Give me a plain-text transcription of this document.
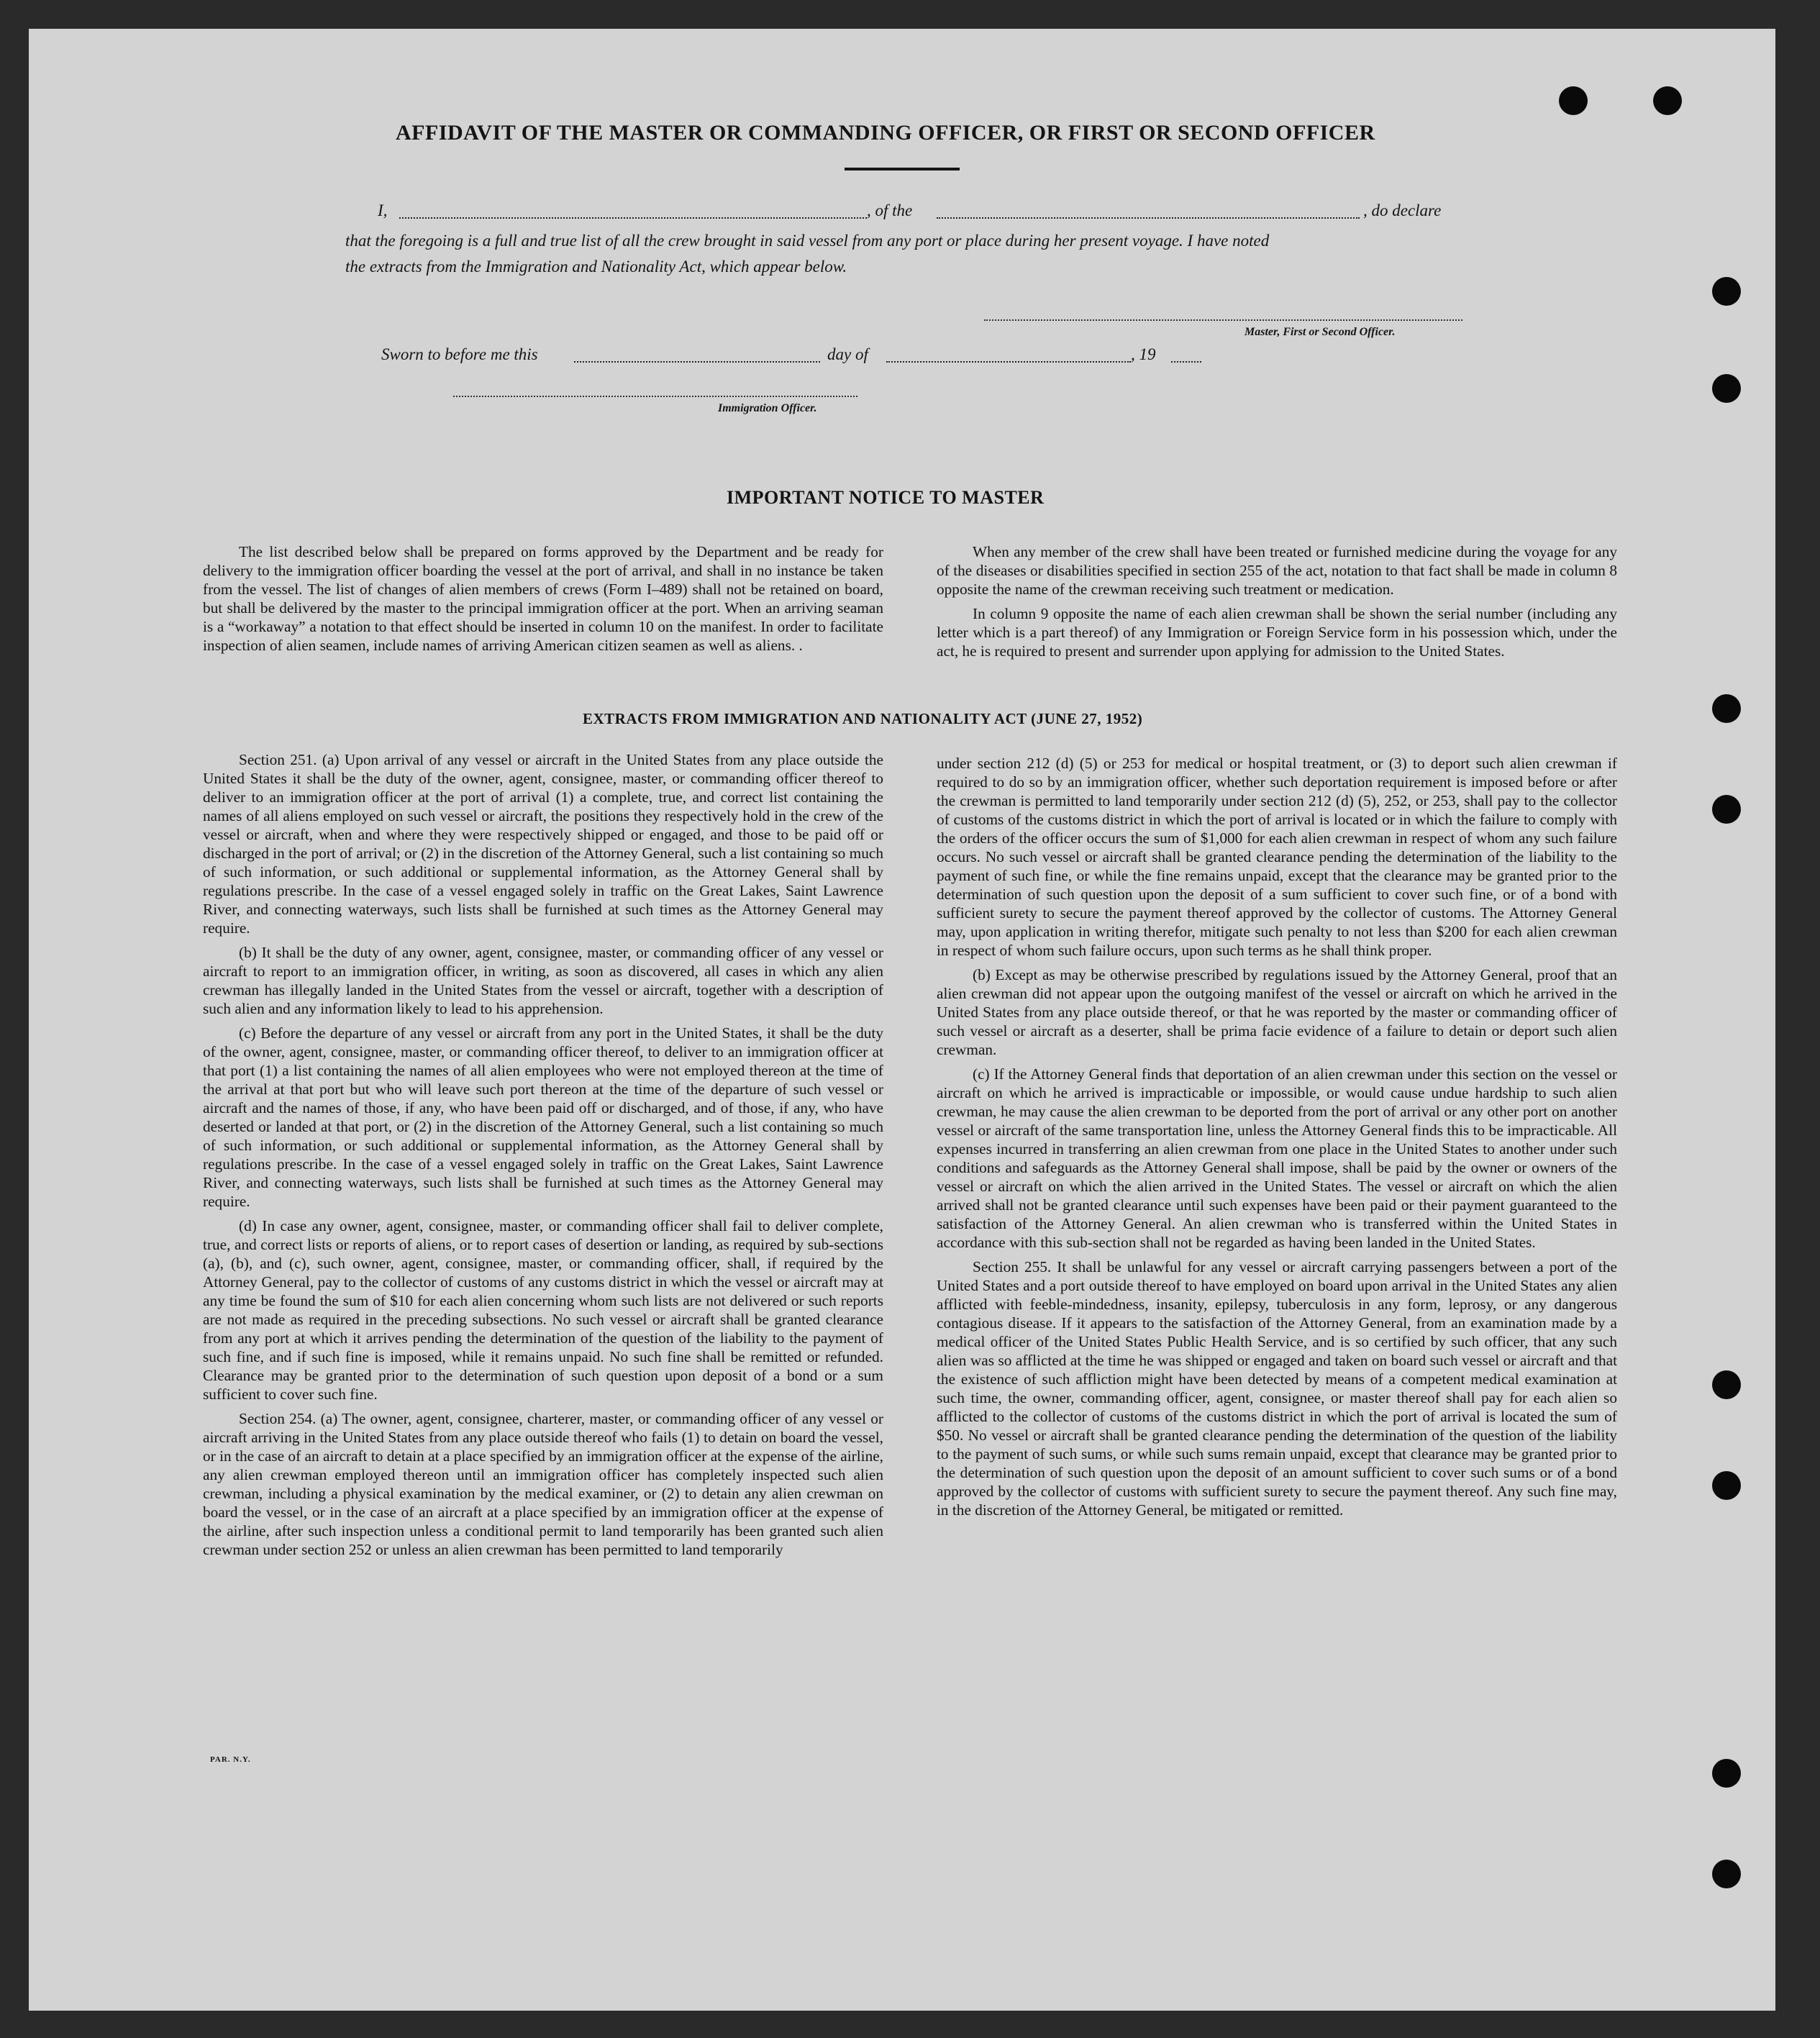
AFFIDAVIT OF THE MASTER OR COMMANDING OFFICER, OR FIRST OR SECOND OFFICER
I,	, of the	, do declare
that the foregoing is a full and true list of all the crew brought in said vessel from any port or place during her present voyage. I have noted
the extracts from the Immigration and Nationality Act, which appear below.
Master, First or Second Officer.
Sworn to before me this	day of	, 19
Immigration Officer.
IMPORTANT NOTICE TO MASTER

The list described below shall be prepared on forms approved by the Department and be ready for delivery to the immigration officer boarding the vessel at the port of arrival, and shall in no instance be taken from the vessel. The list of changes of alien members of crews (Form I–489) shall not be retained on board, but shall be delivered by the master to the principal immigration officer at the port. When an arriving seaman is a “workaway” a notation to that effect should be inserted in column 10 on the manifest. In order to facilitate inspection of alien seamen, include names of arriving American citizen seamen as well as aliens. .

When any member of the crew shall have been treated or furnished medicine during the voyage for any of the diseases or disabilities specified in section 255 of the act, notation to that fact shall be made in column 8 opposite the name of the crewman receiving such treatment or medication.

In column 9 opposite the name of each alien crewman shall be shown the serial number (including any letter which is a part thereof) of any Immigration or Foreign Service form in his possession which, under the act, he is required to present and surrender upon applying for admission to the United States.

EXTRACTS FROM IMMIGRATION AND NATIONALITY ACT (JUNE 27, 1952)

Section 251. (a) Upon arrival of any vessel or aircraft in the United States from any place outside the United States it shall be the duty of the owner, agent, consignee, master, or commanding officer thereof to deliver to an immigration officer at the port of arrival (1) a complete, true, and correct list containing the names of all aliens employed on such vessel or aircraft, the positions they respectively hold in the crew of the vessel or aircraft, when and where they were respectively shipped or engaged, and those to be paid off or discharged in the port of arrival; or (2) in the discretion of the Attorney General, such a list containing so much of such information, or such additional or supplemental information, as the Attorney General shall by regulations prescribe. In the case of a vessel engaged solely in traffic on the Great Lakes, Saint Lawrence River, and connecting waterways, such lists shall be furnished at such times as the Attorney General may require.

(b) It shall be the duty of any owner, agent, consignee, master, or commanding officer of any vessel or aircraft to report to an immigration officer, in writing, as soon as discovered, all cases in which any alien crewman has illegally landed in the United States from the vessel or aircraft, together with a description of such alien and any information likely to lead to his apprehension.

(c) Before the departure of any vessel or aircraft from any port in the United States, it shall be the duty of the owner, agent, consignee, master, or commanding officer thereof, to deliver to an immigration officer at that port (1) a list containing the names of all alien employees who were not employed thereon at the time of the arrival at that port but who will leave such port thereon at the time of the departure of such vessel or aircraft and the names of those, if any, who have been paid off or discharged, and of those, if any, who have deserted or landed at that port, or (2) in the discretion of the Attorney General, such a list containing so much of such information, or such additional or supplemental information, as the Attorney General shall by regulations prescribe. In the case of a vessel engaged solely in traffic on the Great Lakes, Saint Lawrence River, and connecting waterways, such lists shall be furnished at such times as the Attorney General may require.

(d) In case any owner, agent, consignee, master, or commanding officer shall fail to deliver complete, true, and correct lists or reports of aliens, or to report cases of desertion or landing, as required by sub-sections (a), (b), and (c), such owner, agent, consignee, master, or commanding officer, shall, if required by the Attorney General, pay to the collector of customs of any customs district in which the vessel or aircraft may at any time be found the sum of $10 for each alien concerning whom such lists are not delivered or such reports are not made as required in the preceding subsections. No such vessel or aircraft shall be granted clearance from any port at which it arrives pending the determination of the question of the liability to the payment of such fine, and if such fine is imposed, while it remains unpaid. No such fine shall be remitted or refunded. Clearance may be granted prior to the determination of such question upon deposit of a bond or a sum sufficient to cover such fine.

Section 254. (a) The owner, agent, consignee, charterer, master, or commanding officer of any vessel or aircraft arriving in the United States from any place outside thereof who fails (1) to detain on board the vessel, or in the case of an aircraft to detain at a place specified by an immigration officer at the expense of the airline, any alien crewman employed thereon until an immigration officer has completely inspected such alien crewman, including a physical examination by the medical examiner, or (2) to detain any alien crewman on board the vessel, or in the case of an aircraft at a place specified by an immigration officer at the expense of the airline, after such inspection unless a conditional permit to land temporarily has been granted such alien crewman under section 252 or unless an alien crewman has been permitted to land temporarily

under section 212 (d) (5) or 253 for medical or hospital treatment, or (3) to deport such alien crewman if required to do so by an immigration officer, whether such deportation requirement is imposed before or after the crewman is permitted to land temporarily under section 212 (d) (5), 252, or 253, shall pay to the collector of customs of the customs district in which the port of arrival is located or in which the failure to comply with the orders of the officer occurs the sum of $1,000 for each alien crewman in respect of whom any such failure occurs. No such vessel or aircraft shall be granted clearance pending the determination of the liability to the payment of such fine, or while the fine remains unpaid, except that the clearance may be granted prior to the determination of such question upon the deposit of a sum sufficient to cover such fine, or of a bond with sufficient surety to secure the payment thereof approved by the collector of customs. The Attorney General may, upon application in writing therefor, mitigate such penalty to not less than $200 for each alien crewman in respect of whom such failure occurs, upon such terms as he shall think proper.

(b) Except as may be otherwise prescribed by regulations issued by the Attorney General, proof that an alien crewman did not appear upon the outgoing manifest of the vessel or aircraft on which he arrived in the United States from any place outside thereof, or that he was reported by the master or commanding officer of such vessel or aircraft as a deserter, shall be prima facie evidence of a failure to detain or deport such alien crewman.

(c) If the Attorney General finds that deportation of an alien crewman under this section on the vessel or aircraft on which he arrived is impracticable or impossible, or would cause undue hardship to such alien crewman, he may cause the alien crewman to be deported from the port of arrival or any other port on another vessel or aircraft of the same transportation line, unless the Attorney General finds this to be impracticable. All expenses incurred in transferring an alien crewman from one place in the United States to another under such conditions and safeguards as the Attorney General shall impose, shall be paid by the owner or owners of the vessel or aircraft on which the alien arrived in the United States. The vessel or aircraft on which the alien arrived shall not be granted clearance until such expenses have been paid or their payment guaranteed to the satisfaction of the Attorney General. An alien crewman who is transferred within the United States in accordance with this sub-section shall not be regarded as having been landed in the United States.

Section 255. It shall be unlawful for any vessel or aircraft carrying passengers between a port of the United States and a port outside thereof to have employed on board upon arrival in the United States any alien afflicted with feeble-mindedness, insanity, epilepsy, tuberculosis in any form, leprosy, or any dangerous contagious disease. If it appears to the satisfaction of the Attorney General, from an examination made by a medical officer of the United States Public Health Service, and is so certified by such officer, that any such alien was so afflicted at the time he was shipped or engaged and taken on board such vessel or aircraft and that the existence of such affliction might have been detected by means of a competent medical examination at such time, the owner, commanding officer, agent, consignee, or master thereof shall pay for each alien so afflicted to the collector of customs of the customs district in which the port of arrival is located the sum of $50. No vessel or aircraft shall be granted clearance pending the determination of the question of the liability to the payment of such sums, or while such sums remain unpaid, except that clearance may be granted prior to the determination of such question upon the deposit of an amount sufficient to cover such sums or of a bond approved by the collector of customs with sufficient surety to secure the payment thereof. Any such fine may, in the discretion of the Attorney General, be mitigated or remitted.

PAR. N.Y.
